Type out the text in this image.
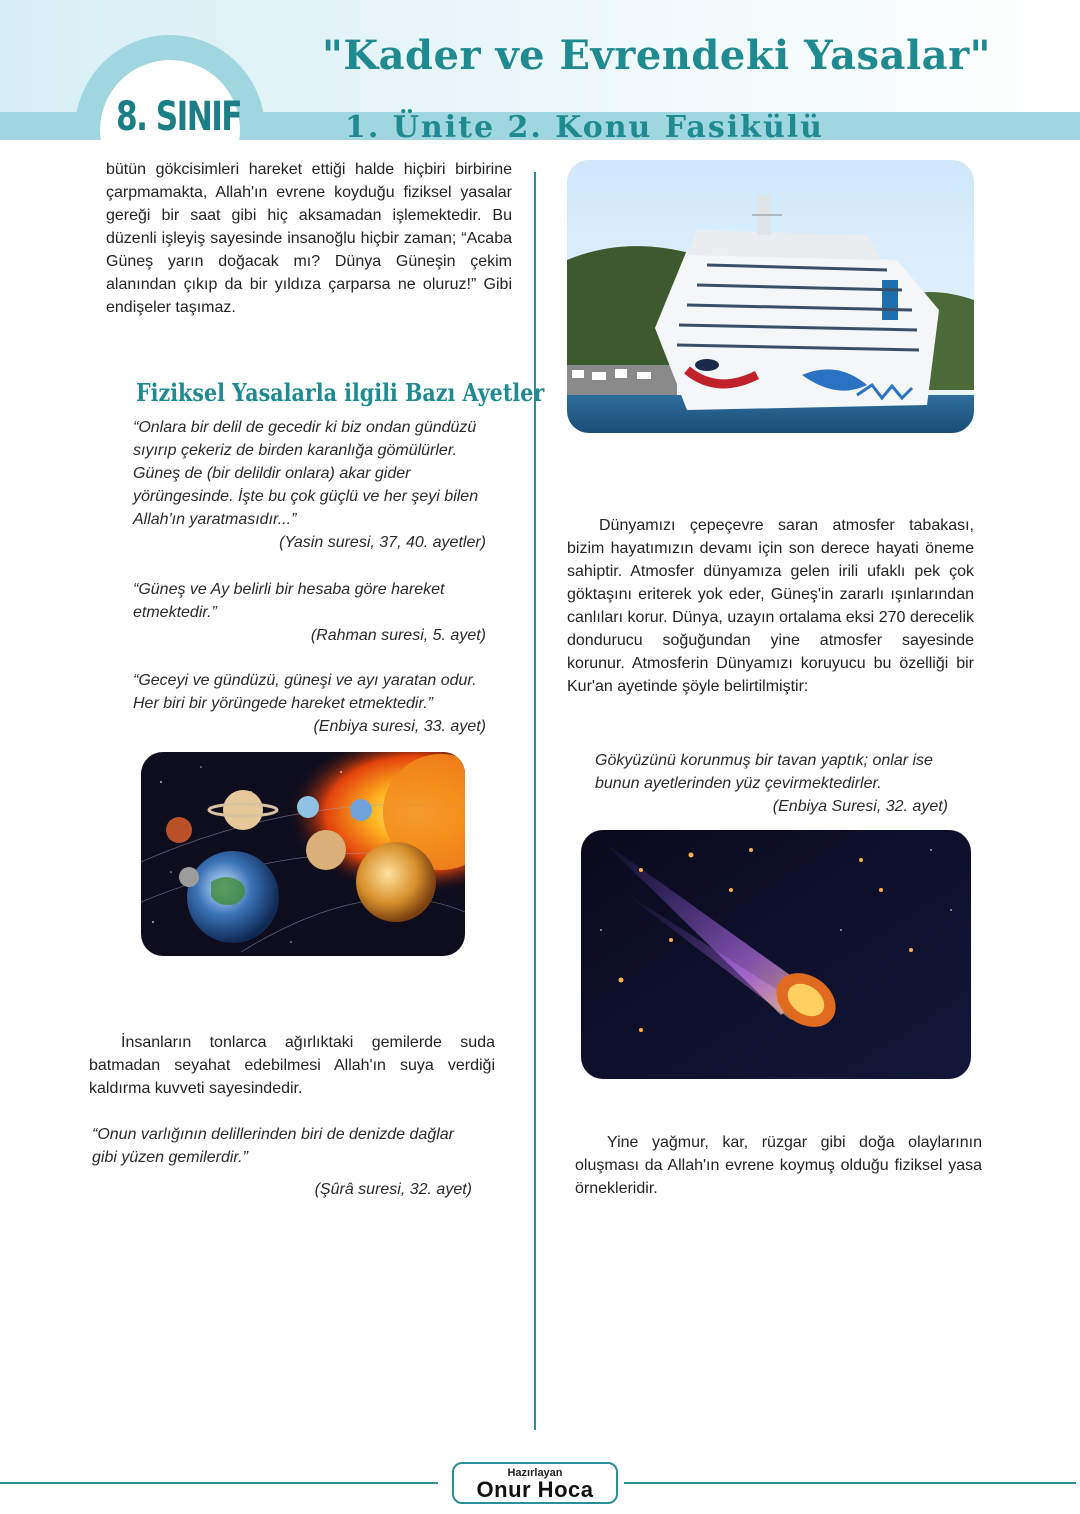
8. SINIF
"Kader ve Evrendeki Yasalar"
1. Ünite 2. Konu Fasikülü

bütün gökcisimleri hareket ettiği halde hiçbiri birbirine çarpmamakta, Allah'ın evrene koyduğu fiziksel yasalar gereği bir saat gibi hiç aksamadan işlemektedir. Bu düzenli işleyiş sayesinde insanoğlu hiçbir zaman; “Acaba Güneş yarın doğacak mı? Dünya Güneşin çekim alanından çıkıp da bir yıldıza çarparsa ne oluruz!” Gibi endişeler taşımaz.

Fiziksel Yasalarla ilgili Bazı Ayetler
“Onlara bir delil de gecedir ki biz ondan gündüzü sıyırıp çekeriz de birden karanlığa gömülürler. Güneş de (bir delildir onlara) akar gider yörüngesinde. İşte bu çok güçlü ve her şeyi bilen Allah'ın yaratmasıdır...”
(Yasin suresi, 37, 40. ayetler)
“Güneş ve Ay belirli bir hesaba göre hareket etmektedir.”
(Rahman suresi, 5. ayet)
“Geceyi ve gündüzü, güneşi ve ayı yaratan odur. Her biri bir yörüngede hareket etmektedir.”
(Enbiya suresi, 33. ayet)

İnsanların tonlarca ağırlıktaki gemilerde suda batmadan seyahat edebilmesi Allah'ın suya verdiği kaldırma kuvveti sayesindedir.

“Onun varlığının delillerinden biri de denizde dağlar gibi yüzen gemilerdir.”
(Şûrâ suresi, 32. ayet)

Dünyamızı çepeçevre saran atmosfer tabakası, bizim hayatımızın devamı için son derece hayati öneme sahiptir. Atmosfer dünyamıza gelen irili ufaklı pek çok göktaşını eriterek yok eder, Güneş'in zararlı ışınlarından canlıları korur. Dünya, uzayın ortalama eksi 270 derecelik dondurucu soğuğundan yine atmosfer sayesinde korunur. Atmosferin Dünyamızı koruyucu bu özelliği bir Kur'an ayetinde şöyle belirtilmiştir:

Gökyüzünü korunmuş bir tavan yaptık; onlar ise bunun ayetlerinden yüz çevirmektedirler.
(Enbiya Suresi, 32. ayet)

Yine yağmur, kar, rüzgar gibi doğa olaylarının oluşması da Allah'ın evrene koymuş olduğu fiziksel yasa örnekleridir.

Hazırlayan
Onur Hoca
